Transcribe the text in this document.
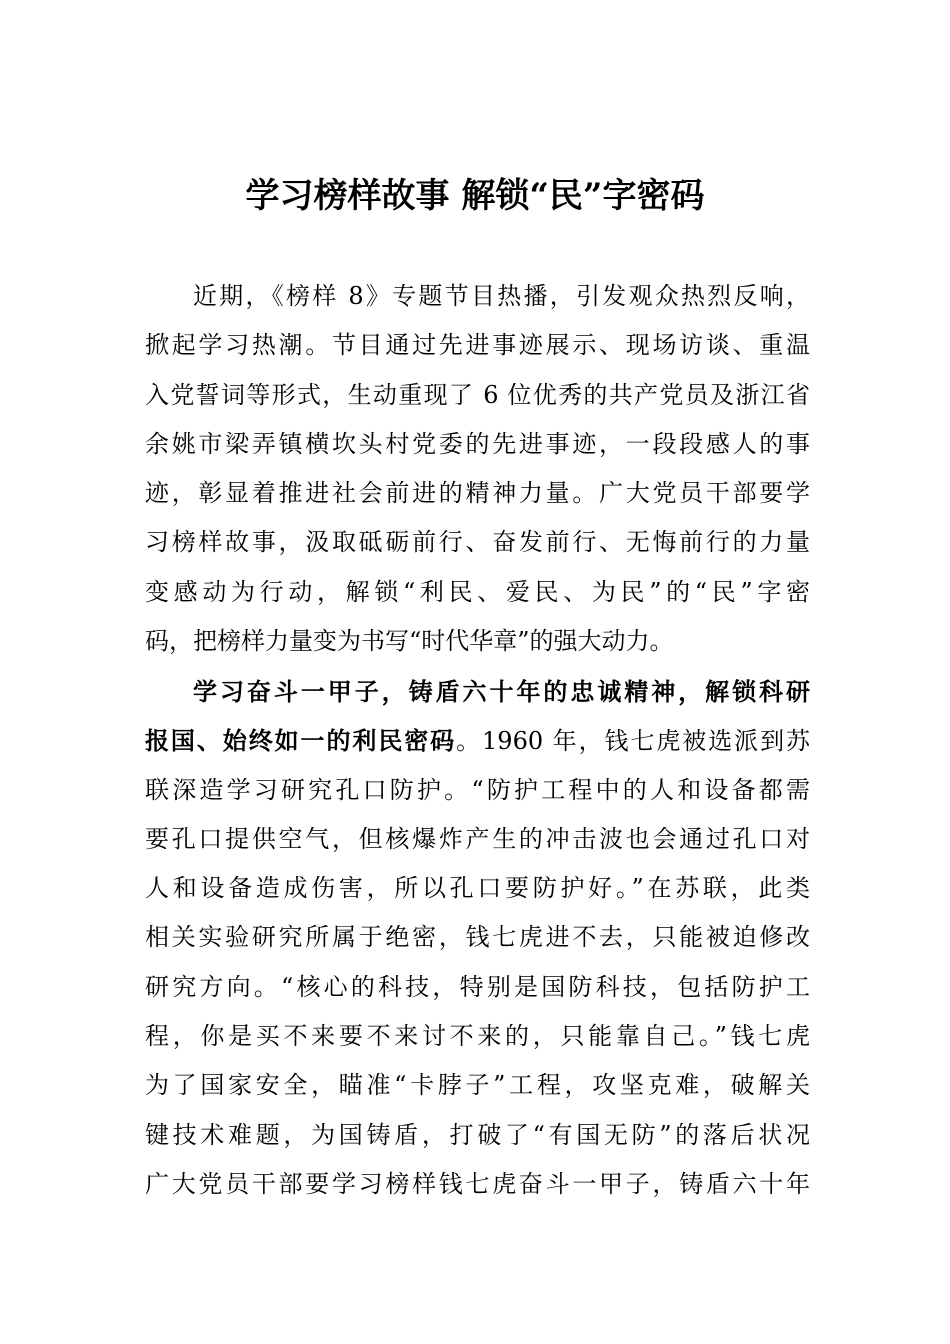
学习榜样故事 解锁“民”字密码
近期，《榜样 8》专题节目热播，引发观众热烈反响，
掀起学习热潮。节目通过先进事迹展示、现场访谈、重温
入党誓词等形式，生动重现了 6 位优秀的共产党员及浙江省
余姚市梁弄镇横坎头村党委的先进事迹，一段段感人的事
迹，彰显着推进社会前进的精神力量。广大党员干部要学
习榜样故事，汲取砥砺前行、奋发前行、无悔前行的力量
变感动为行动，解锁“利民、爱民、为民”的“民”字密
码，把榜样力量变为书写“时代华章”的强大动力。
学习奋斗一甲子，铸盾六十年的忠诚精神，解锁科研
报国、始终如一的利民密码。1960 年，钱七虎被选派到苏
联深造学习研究孔口防护。“防护工程中的人和设备都需
要孔口提供空气，但核爆炸产生的冲击波也会通过孔口对
人和设备造成伤害，所以孔口要防护好。”在苏联，此类
相关实验研究所属于绝密，钱七虎进不去，只能被迫修改
研究方向。“核心的科技，特别是国防科技，包括防护工
程，你是买不来要不来讨不来的，只能靠自己。”钱七虎
为了国家安全，瞄准“卡脖子”工程，攻坚克难，破解关
键技术难题，为国铸盾，打破了“有国无防”的落后状况
广大党员干部要学习榜样钱七虎奋斗一甲子，铸盾六十年
